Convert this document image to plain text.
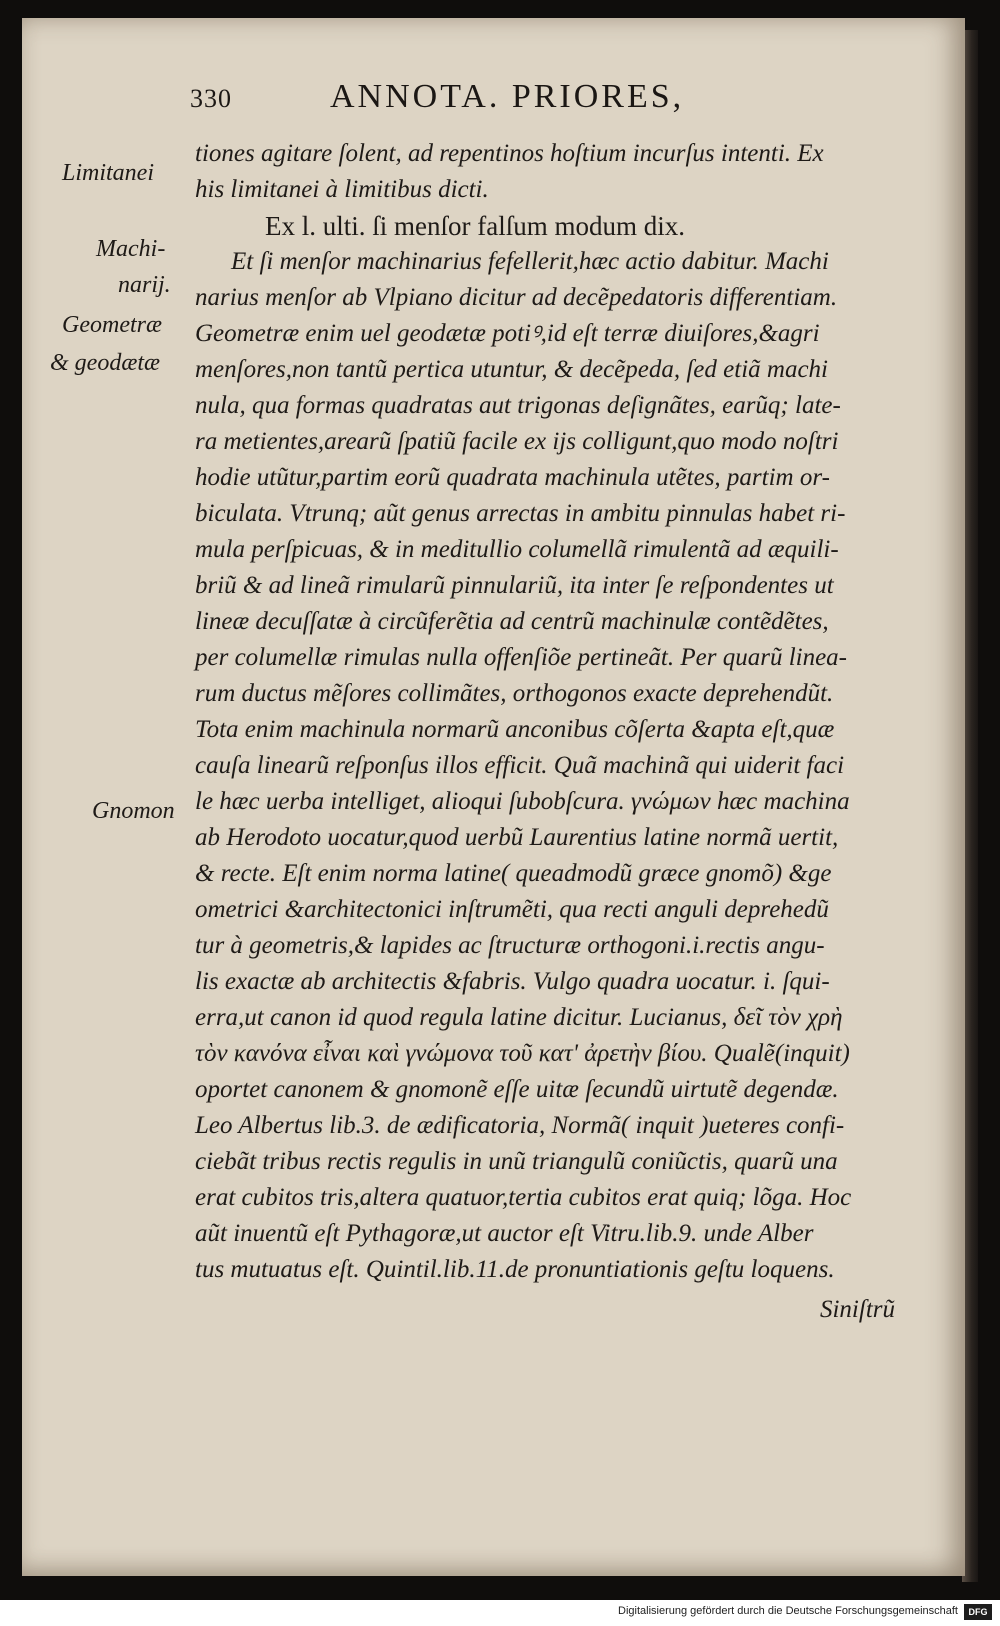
330	ANNOTA. PRIORES,
Limitanei
Machi-
narij.
Geometræ
& geodætæ
Gnomon
tiones agitare ſolent, ad repentinos hoſtium incurſus intenti. Ex
his limitanei à limitibus dicti.
Ex l. ulti. ſi menſor falſum modum dix.
Et ſi menſor machinarius fefellerit,hæc actio dabitur. Machi
narius menſor ab Vlpiano dicitur ad decẽpedatoris differentiam.
Geometræ enim uel geodætæ potiꝰ,id eſt terræ diuiſores,&agri
menſores,non tantũ pertica utuntur, & decẽpeda, ſed etiã machi
nula, qua formas quadratas aut trigonas deſignãtes, earũq; late-
ra metientes,arearũ ſpatiũ facile ex ijs colligunt,quo modo noſtri
hodie utũtur,partim eorũ quadrata machinula utẽtes, partim or-
biculata. Vtrunq; aũt genus arrectas in ambitu pinnulas habet ri-
mula perſpicuas, & in meditullio columellã rimulentã ad æquili-
briũ & ad lineã rimularũ pinnulariũ, ita inter ſe reſpondentes ut
lineæ decuſſatæ à circũferẽtia ad centrũ machinulæ contẽdẽtes,
per columellæ rimulas nulla offenſiõe pertineãt. Per quarũ linea-
rum ductus mẽſores collimãtes, orthogonos exacte deprehendũt.
Tota enim machinula normarũ anconibus cõſerta &apta eſt,quæ
cauſa linearũ reſponſus illos efficit. Quã machinã qui uiderit faci
le hæc uerba intelliget, alioqui ſubobſcura. γνώμων hæc machina
ab Herodoto uocatur,quod uerbũ Laurentius latine normã uertit,
& recte. Eſt enim norma latine( queadmodũ græce gnomõ) &ge
ometrici &architectonici inſtrumẽti, qua recti anguli deprehedũ
tur à geometris,& lapides ac ſtructuræ orthogoni.i.rectis angu-
lis exactæ ab architectis &fabris. Vulgo quadra uocatur. i. ſqui-
erra,ut canon id quod regula latine dicitur. Lucianus, δεῖ τὸν χρὴ
τὸν κανόνα εἶναι καὶ γνώμονα τοῦ κατ' ἀρετὴν βίου. Qualẽ(inquit)
oportet canonem & gnomonẽ eſſe uitæ ſecundũ uirtutẽ degendæ.
Leo Albertus lib.3. de ædificatoria, Normã( inquit )ueteres confi-
ciebãt tribus rectis regulis in unũ triangulũ coniũctis, quarũ una
erat cubitos tris,altera quatuor,tertia cubitos erat quiq; lõga. Hoc
aũt inuentũ eſt Pythagoræ,ut auctor eſt Vitru.lib.9. unde Alber
tus mutuatus eſt. Quintil.lib.11.de pronuntiationis geſtu loquens.
Siniſtrũ
Digitalisierung gefördert durch die Deutsche Forschungsgemeinschaft	DFG
